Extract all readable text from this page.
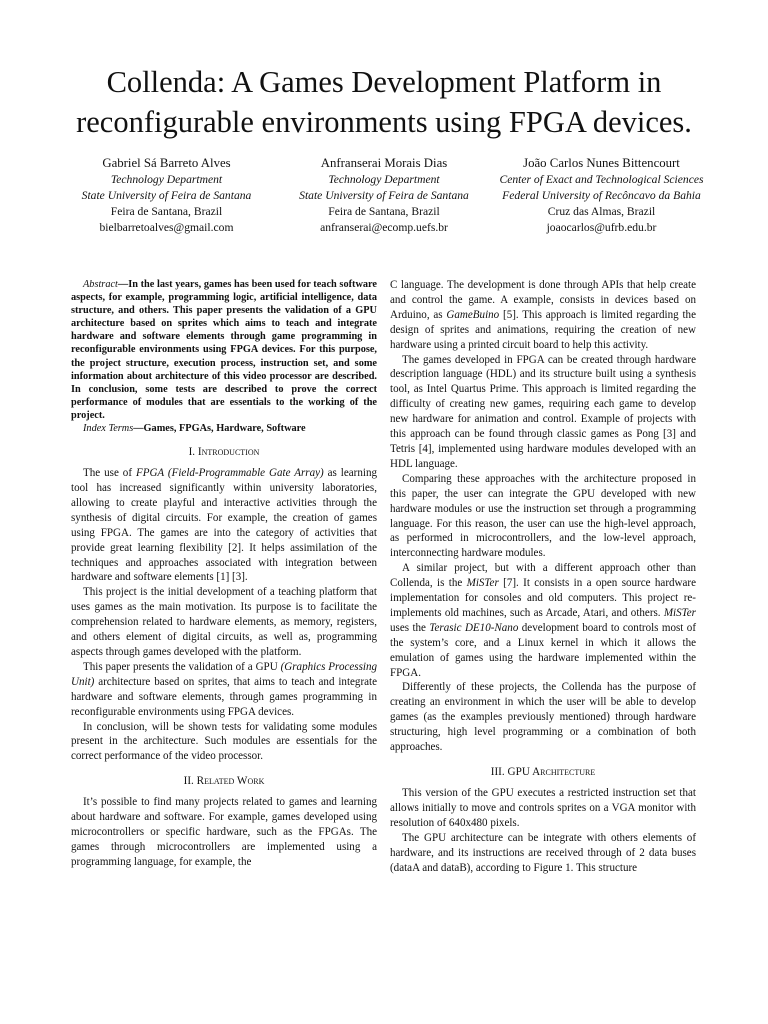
Collenda: A Games Development Platform in reconfigurable environments using FPGA devices.
Gabriel Sá Barreto Alves
Technology Department
State University of Feira de Santana
Feira de Santana, Brazil
bielbarretoalves@gmail.com
Anfranserai Morais Dias
Technology Department
State University of Feira de Santana
Feira de Santana, Brazil
anfranserai@ecomp.uefs.br
João Carlos Nunes Bittencourt
Center of Exact and Technological Sciences
Federal University of Recôncavo da Bahia
Cruz das Almas, Brazil
joaocarlos@ufrb.edu.br

Abstract—In the last years, games has been used for teach software aspects, for example, programming logic, artificial intelligence, data structure, and others. This paper presents the validation of a GPU architecture based on sprites which aims to teach and integrate hardware and software elements through game programming in reconfigurable environments using FPGA devices. For this purpose, the project structure, execution process, instruction set, and some information about architecture of this video processor are described. In conclusion, some tests are described to prove the correct performance of modules that are essentials to the working of the project.

Index Terms—Games, FPGAs, Hardware, Software

I. Introduction

The use of FPGA (Field-Programmable Gate Array) as learning tool has increased significantly within university laboratories, allowing to create playful and interactive activities through the synthesis of digital circuits. For example, the creation of games using FPGA. The games are into the category of activities that provide great learning flexibility [2]. It helps assimilation of the techniques and approaches associated with integration between hardware and software elements [1] [3].

This project is the initial development of a teaching platform that uses games as the main motivation. Its purpose is to facilitate the comprehension related to hardware elements, as memory, registers, and others element of digital circuits, as well as, programming aspects through games developed with the platform.

This paper presents the validation of a GPU (Graphics Processing Unit) architecture based on sprites, that aims to teach and integrate hardware and software elements, through games programming in reconfigurable environments using FPGA devices.

In conclusion, will be shown tests for validating some modules present in the architecture. Such modules are essentials for the correct performance of the video processor.

II. Related Work

It’s possible to find many projects related to games and learning about hardware and software. For example, games developed using microcontrollers or specific hardware, such as the FPGAs. The games through microcontrollers are implemented using a programming language, for example, the

C language. The development is done through APIs that help create and control the game. A example, consists in devices based on Arduino, as GameBuino [5]. This approach is limited regarding the design of sprites and animations, requiring the creation of new hardware using a printed circuit board to help this activity.

The games developed in FPGA can be created through hardware description language (HDL) and its structure built using a synthesis tool, as Intel Quartus Prime. This approach is limited regarding the difficulty of creating new games, requiring each game to develop new hardware for animation and control. Example of projects with this approach can be found through classic games as Pong [3] and Tetris [4], implemented using hardware modules developed with an HDL language.

Comparing these approaches with the architecture proposed in this paper, the user can integrate the GPU developed with new hardware modules or use the instruction set through a programming language. For this reason, the user can use the high-level approach, as performed in microcontrollers, and the low-level approach, interconnecting hardware modules.

A similar project, but with a different approach other than Collenda, is the MiSTer [7]. It consists in a open source hardware implementation for consoles and old computers. This project re-implements old machines, such as Arcade, Atari, and others. MiSTer uses the Terasic DE10-Nano development board to controls most of the system’s core, and a Linux kernel in which it allows the emulation of games using the hardware implemented within the FPGA.

Differently of these projects, the Collenda has the purpose of creating an environment in which the user will be able to develop games (as the examples previously mentioned) through hardware structuring, high level programming or a combination of both approaches.

III. GPU Architecture

This version of the GPU executes a restricted instruction set that allows initially to move and controls sprites on a VGA monitor with resolution of 640x480 pixels.

The GPU architecture can be integrate with others elements of hardware, and its instructions are received through of 2 data buses (dataA and dataB), according to Figure 1. This structure
